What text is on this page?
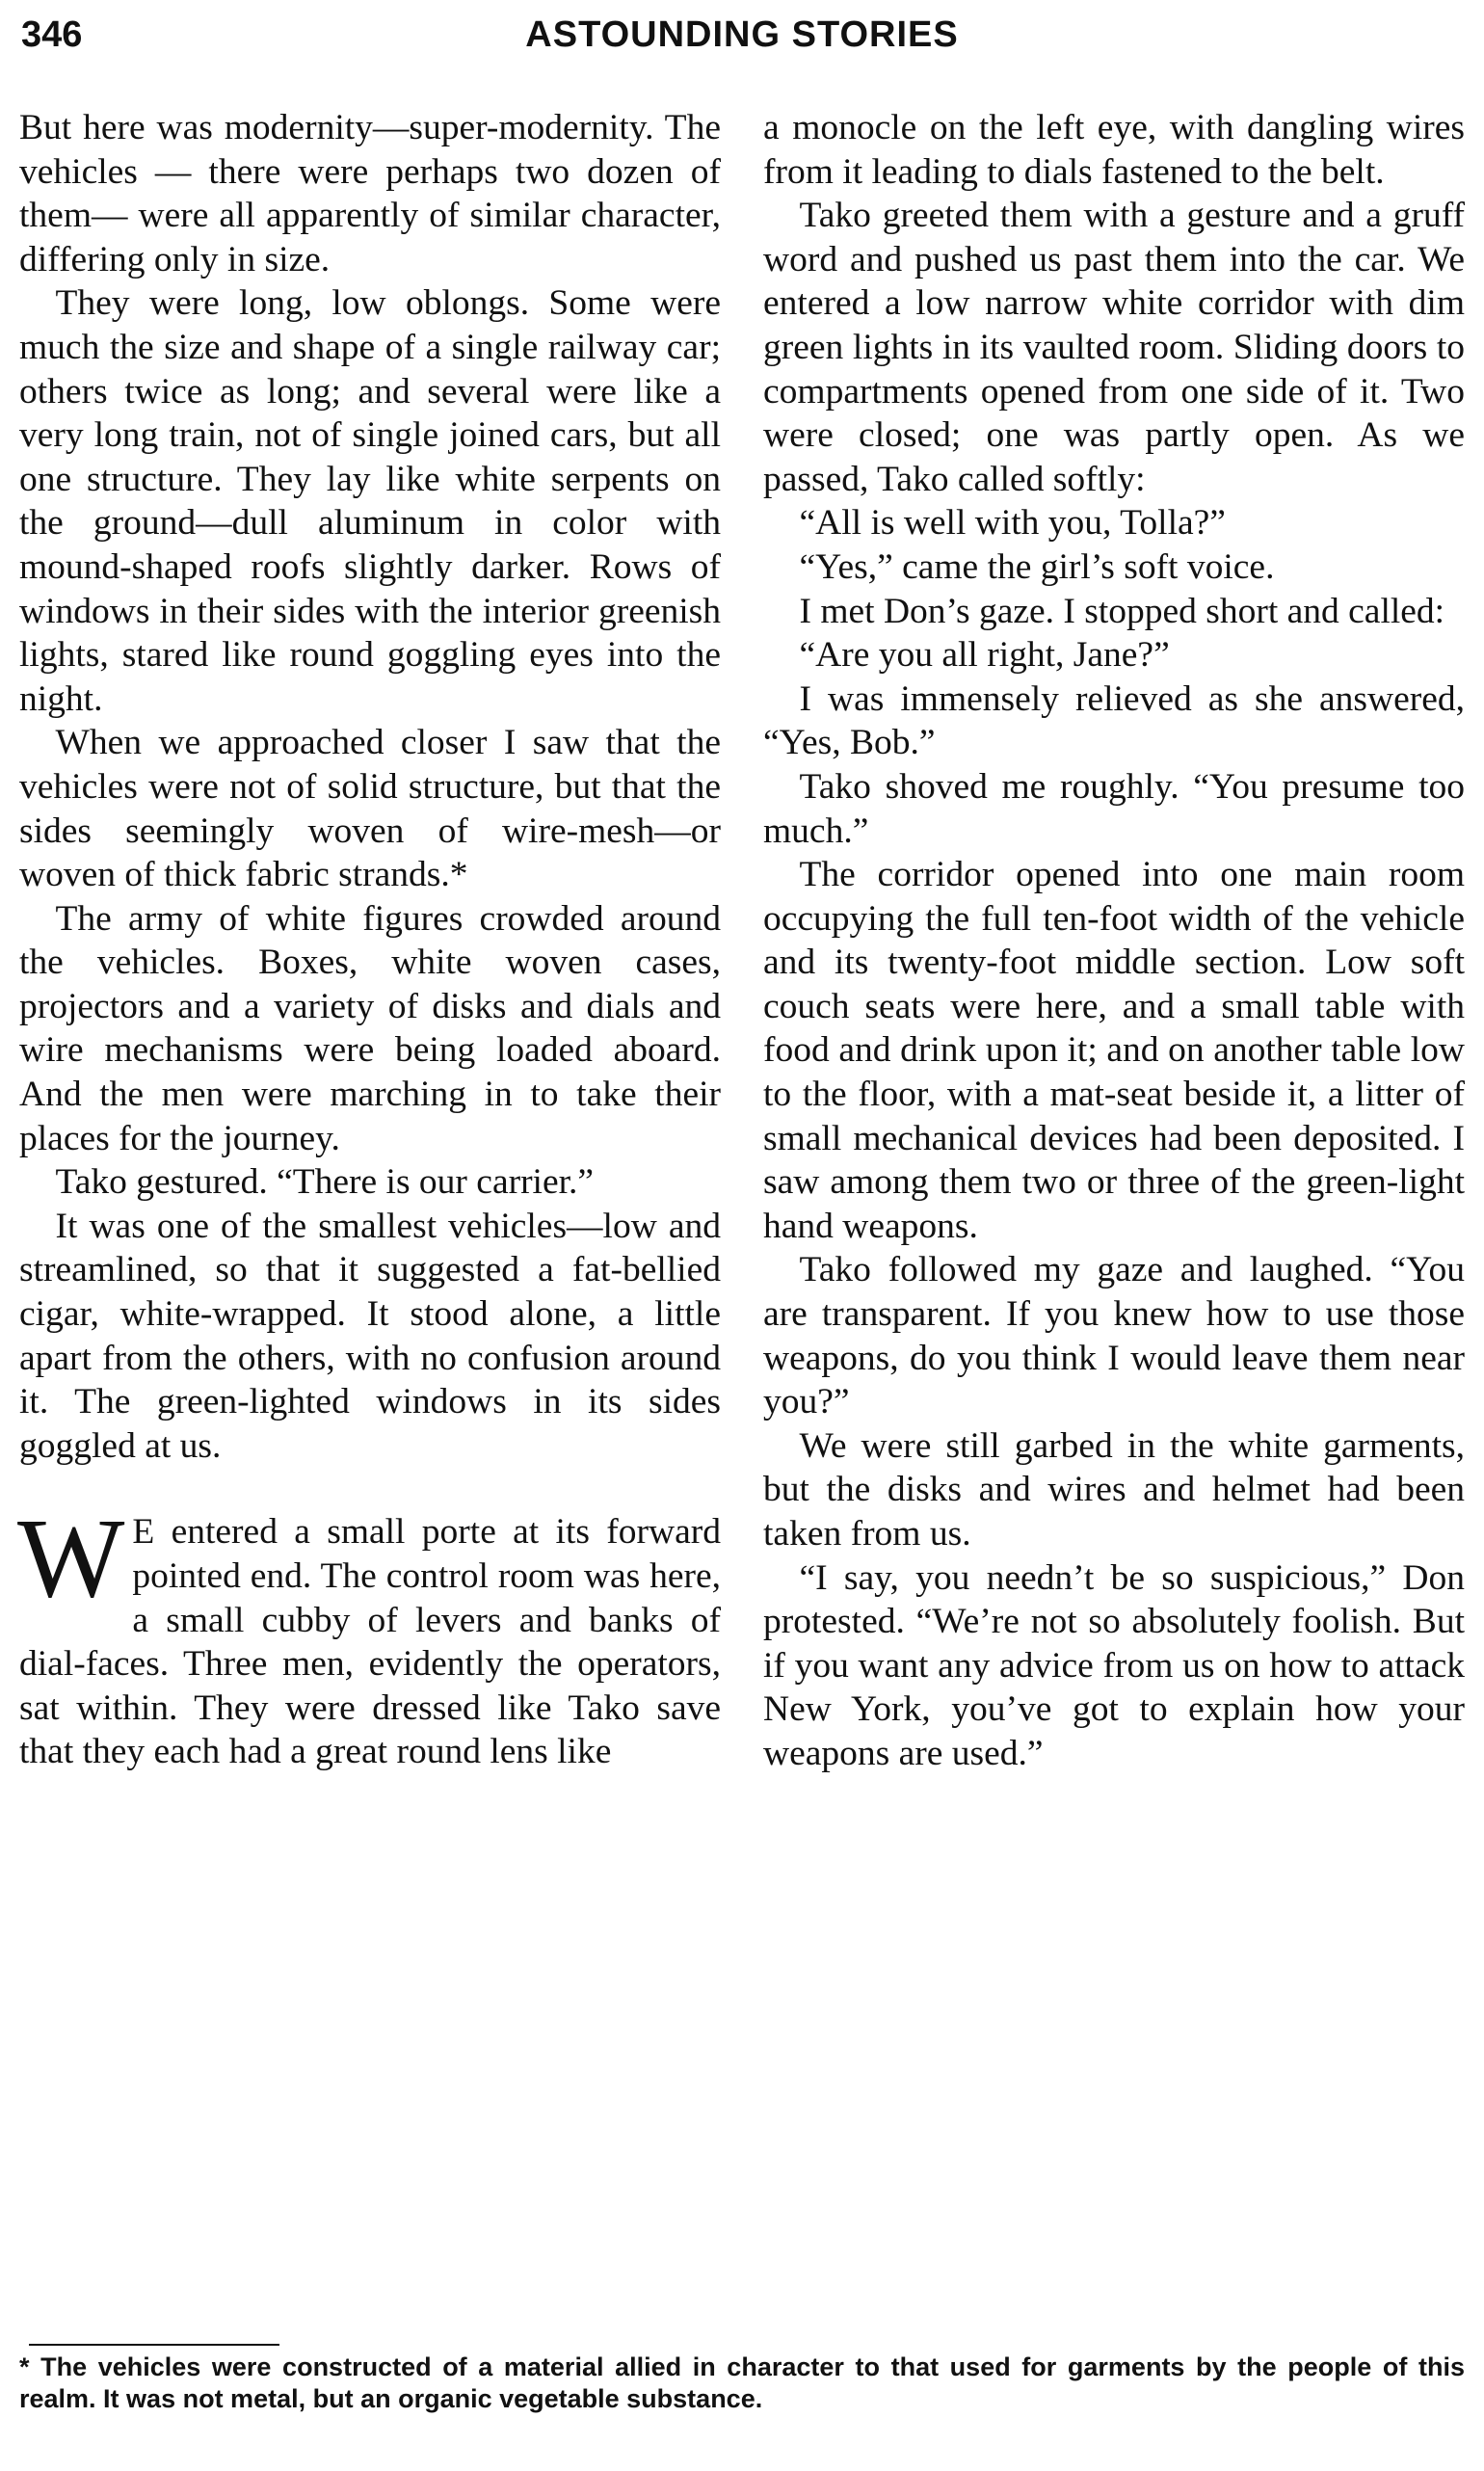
346	ASTOUNDING STORIES

But here was modernity—super-modernity. The vehicles — there were perhaps two dozen of them— were all apparently of similar character, differing only in size.

They were long, low oblongs. Some were much the size and shape of a single railway car; others twice as long; and several were like a very long train, not of single joined cars, but all one structure. They lay like white serpents on the ground—dull aluminum in color with mound-shaped roofs slightly darker. Rows of windows in their sides with the interior greenish lights, stared like round goggling eyes into the night.

When we approached closer I saw that the vehicles were not of solid structure, but that the sides seemingly woven of wire-mesh—or woven of thick fabric strands.*

The army of white figures crowded around the vehicles. Boxes, white woven cases, projectors and a variety of disks and dials and wire mechanisms were being loaded aboard. And the men were marching in to take their places for the journey.

Tako gestured. “There is our carrier.”

It was one of the smallest vehicles—low and streamlined, so that it suggested a fat-bellied cigar, white-wrapped. It stood alone, a little apart from the others, with no confusion around it. The green-lighted windows in its sides goggled at us.

W E entered a small porte at its forward pointed end. The control room was here, a small cubby of levers and banks of dial-faces. Three men, evidently the operators, sat within. They were dressed like Tako save that they each had a great round lens like

a monocle on the left eye, with dangling wires from it leading to dials fastened to the belt.

Tako greeted them with a gesture and a gruff word and pushed us past them into the car. We entered a low narrow white corridor with dim green lights in its vaulted room. Sliding doors to compartments opened from one side of it. Two were closed; one was partly open. As we passed, Tako called softly:

“All is well with you, Tolla?”

“Yes,” came the girl’s soft voice.

I met Don’s gaze. I stopped short and called:

“Are you all right, Jane?”

I was immensely relieved as she answered, “Yes, Bob.”

Tako shoved me roughly. “You presume too much.”

The corridor opened into one main room occupying the full ten-foot width of the vehicle and its twenty-foot middle section. Low soft couch seats were here, and a small table with food and drink upon it; and on another table low to the floor, with a mat-seat beside it, a litter of small mechanical devices had been deposited. I saw among them two or three of the green-light hand weapons.

Tako followed my gaze and laughed. “You are transparent. If you knew how to use those weapons, do you think I would leave them near you?”

We were still garbed in the white garments, but the disks and wires and helmet had been taken from us.

“I say, you needn’t be so suspicious,” Don protested. “We’re not so absolutely foolish. But if you want any advice from us on how to attack New York, you’ve got to explain how your weapons are used.”

* The vehicles were constructed of a material allied in character to that used for garments by the people of this realm. It was not metal, but an organic vegetable substance.
